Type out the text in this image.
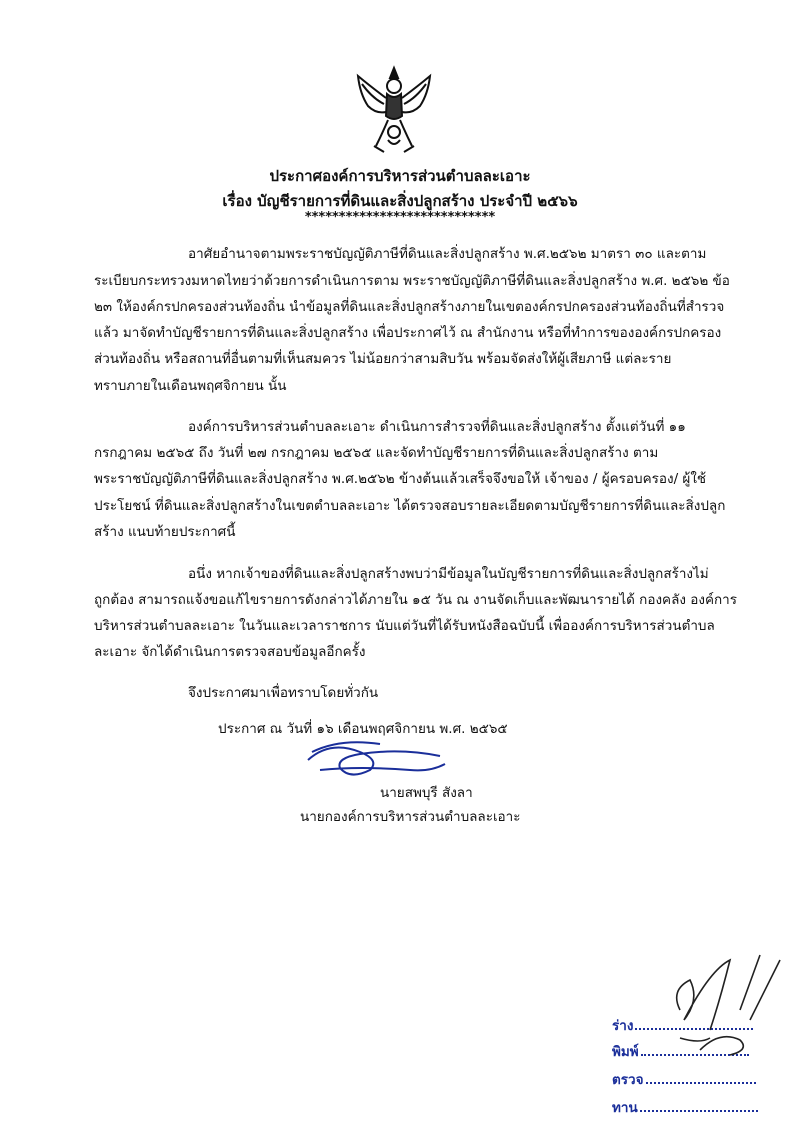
ประกาศองค์การบริหารส่วนตำบลละเอาะ
เรื่อง บัญชีรายการที่ดินและสิ่งปลูกสร้าง ประจำปี ๒๕๖๖
****************************
อาศัยอำนาจตามพระราชบัญญัติภาษีที่ดินและสิ่งปลูกสร้าง พ.ศ.๒๕๖๒ มาตรา ๓๐ และตาม
ระเบียบกระทรวงมหาดไทยว่าด้วยการดำเนินการตาม พระราชบัญญัติภาษีที่ดินและสิ่งปลูกสร้าง พ.ศ. ๒๕๖๒ ข้อ
๒๓ ให้องค์กรปกครองส่วนท้องถิ่น นำข้อมูลที่ดินและสิ่งปลูกสร้างภายในเขตองค์กรปกครองส่วนท้องถิ่นที่สำรวจ
แล้ว มาจัดทำบัญชีรายการที่ดินและสิ่งปลูกสร้าง เพื่อประกาศไว้ ณ สำนักงาน หรือที่ทำการขององค์กรปกครอง
ส่วนท้องถิ่น หรือสถานที่อื่นตามที่เห็นสมควร ไม่น้อยกว่าสามสิบวัน พร้อมจัดส่งให้ผู้เสียภาษี แต่ละราย
ทราบภายในเดือนพฤศจิกายน นั้น
องค์การบริหารส่วนตำบลละเอาะ ดำเนินการสำรวจที่ดินและสิ่งปลูกสร้าง ตั้งแต่วันที่ ๑๑
กรกฎาคม ๒๕๖๕ ถึง วันที่ ๒๗ กรกฎาคม ๒๕๖๕ และจัดทำบัญชีรายการที่ดินและสิ่งปลูกสร้าง ตาม
พระราชบัญญัติภาษีที่ดินและสิ่งปลูกสร้าง พ.ศ.๒๕๖๒ ข้างต้นแล้วเสร็จจึงขอให้ เจ้าของ / ผู้ครอบครอง/ ผู้ใช้
ประโยชน์ ที่ดินและสิ่งปลูกสร้างในเขตตำบลละเอาะ ได้ตรวจสอบรายละเอียดตามบัญชีรายการที่ดินและสิ่งปลูก
สร้าง แนบท้ายประกาศนี้
อนึ่ง หากเจ้าของที่ดินและสิ่งปลูกสร้างพบว่ามีข้อมูลในบัญชีรายการที่ดินและสิ่งปลูกสร้างไม่
ถูกต้อง สามารถแจ้งขอแก้ไขรายการดังกล่าวได้ภายใน ๑๕ วัน ณ งานจัดเก็บและพัฒนารายได้ กองคลัง องค์การ
บริหารส่วนตำบลละเอาะ ในวันและเวลาราชการ นับแต่วันที่ได้รับหนังสือฉบับนี้ เพื่อองค์การบริหารส่วนตำบล
ละเอาะ จักได้ดำเนินการตรวจสอบข้อมูลอีกครั้ง
จึงประกาศมาเพื่อทราบโดยทั่วกัน
ประกาศ ณ วันที่ ๑๖ เดือนพฤศจิกายน พ.ศ. ๒๕๖๕
นายสพบุรี สังลา
นายกองค์การบริหารส่วนตำบลละเอาะ
ร่าง
พิมพ์
ตรวจ
ทาน
